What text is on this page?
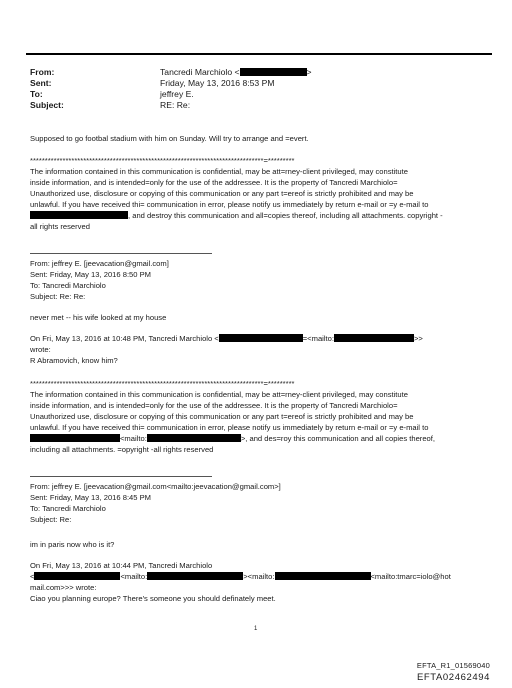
From:	Tancredi Marchiolo <	>
Sent:	Friday, May 13, 2016 8:53 PM
To:	jeffrey E.
Subject:	RE: Re:
Supposed to go footbal stadium with him on Sunday. Will try to arrange and =evert.
*******************************************************************************=*********
The information contained in this communication is confidential, may be att=rney-client privileged, may constitute
inside information, and is intended=only for the use of the addressee. It is the property of Tancredi Marchiolo=
Unauthorized use, disclosure or copying of this communication or any part t=ereof is strictly prohibited and may be
unlawful. If you have received thi= communication in error, please notify us immediately by return e-mail or =y e-mail to
, and destroy this communication and all=copies thereof, including all attachments. copyright -
all rights reserved
From: jeffrey E. [jeevacation@gmail.com]
Sent: Friday, May 13, 2016 8:50 PM
To: Tancredi Marchiolo
Subject: Re: Re:
never met -- his wife looked at my house
On Fri, May 13, 2016 at 10:48 PM, Tancredi Marchiolo <	=<mailto:	>>
wrote:
R Abramovich, know him?
*******************************************************************************=*********
The information contained in this communication is confidential, may be att=rney-client privileged, may constitute
inside information, and is intended=only for the use of the addressee. It is the property of Tancredi Marchiolo=
Unauthorized use, disclosure or copying of this communication or any part t=ereof is strictly prohibited and may be
unlawful. If you have received thi= communication in error, please notify us immediately by return e-mail or =y e-mail to
<mailto:	>, and des=roy this communication and all copies thereof,
including all attachments. =opyright -all rights reserved
From: jeffrey E. [jeevacation@gmail.com<mailto:jeevacation@gmail.com>]
Sent: Friday, May 13, 2016 8:45 PM
To: Tancredi Marchiolo
Subject: Re:
im in paris now who is it?
On Fri, May 13, 2016 at 10:44 PM, Tancredi Marchiolo
<	<mailto:	><mailto:	<mailto:tmarc=iolo@hot
mail.com>>> wrote:
Ciao you planning europe? There's someone you should definately meet.
1
EFTA_R1_01569040
EFTA02462494
